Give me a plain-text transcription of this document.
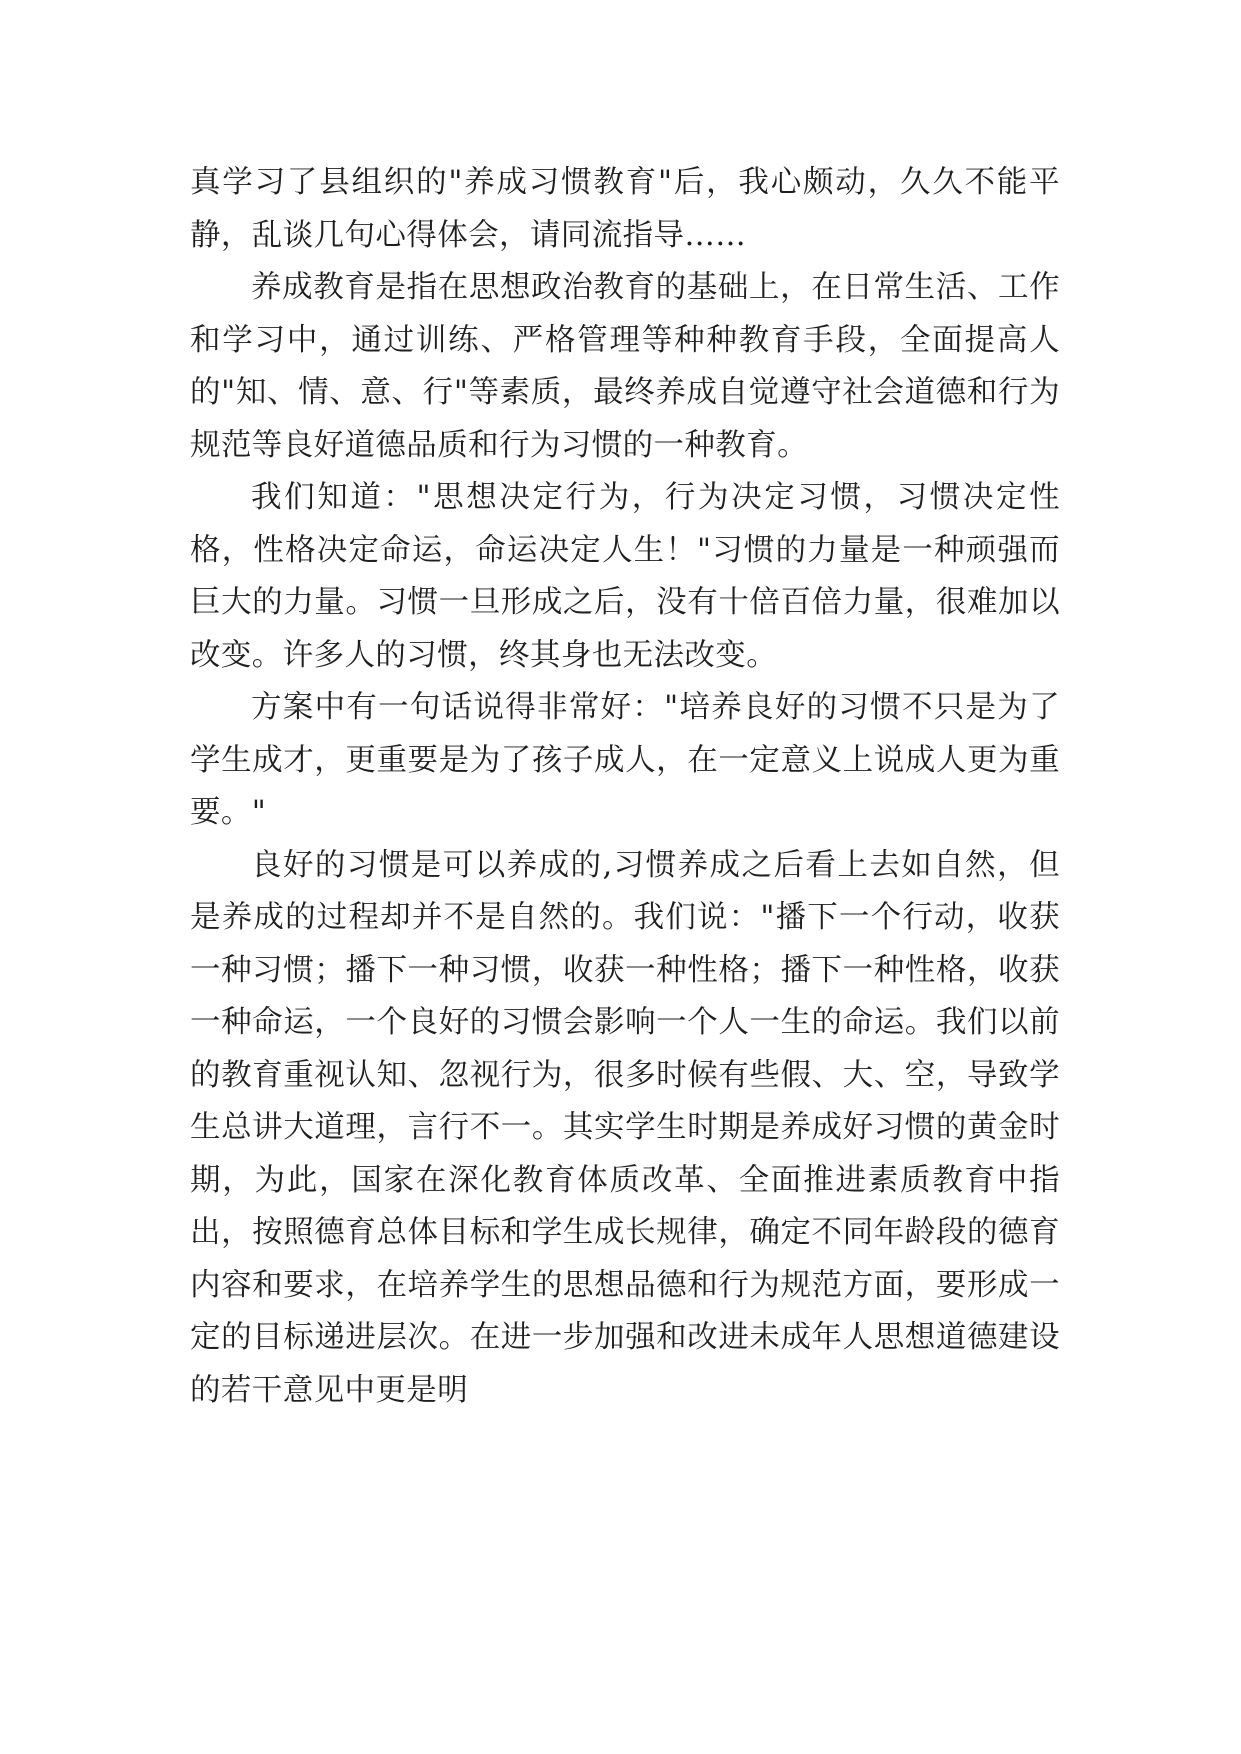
真学习了县组织的"养成习惯教育"后，我心颇动，久久不能平静，乱谈几句心得体会，请同流指导……

养成教育是指在思想政治教育的基础上，在日常生活、工作和学习中，通过训练、严格管理等种种教育手段，全面提高人的"知、情、意、行"等素质，最终养成自觉遵守社会道德和行为规范等良好道德品质和行为习惯的一种教育。

我们知道："思想决定行为，行为决定习惯，习惯决定性格，性格决定命运，命运决定人生！"习惯的力量是一种顽强而巨大的力量。习惯一旦形成之后，没有十倍百倍力量，很难加以改变。许多人的习惯，终其身也无法改变。

方案中有一句话说得非常好："培养良好的习惯不只是为了学生成才，更重要是为了孩子成人，在一定意义上说成人更为重要。"

良好的习惯是可以养成的,习惯养成之后看上去如自然，但是养成的过程却并不是自然的。我们说："播下一个行动，收获一种习惯；播下一种习惯，收获一种性格；播下一种性格，收获一种命运，一个良好的习惯会影响一个人一生的命运。我们以前的教育重视认知、忽视行为，很多时候有些假、大、空，导致学生总讲大道理，言行不一。其实学生时期是养成好习惯的黄金时期，为此，国家在深化教育体质改革、全面推进素质教育中指出，按照德育总体目标和学生成长规律，确定不同年龄段的德育内容和要求，在培养学生的思想品德和行为规范方面，要形成一定的目标递进层次。在进一步加强和改进未成年人思想道德建设的若干意见中更是明
